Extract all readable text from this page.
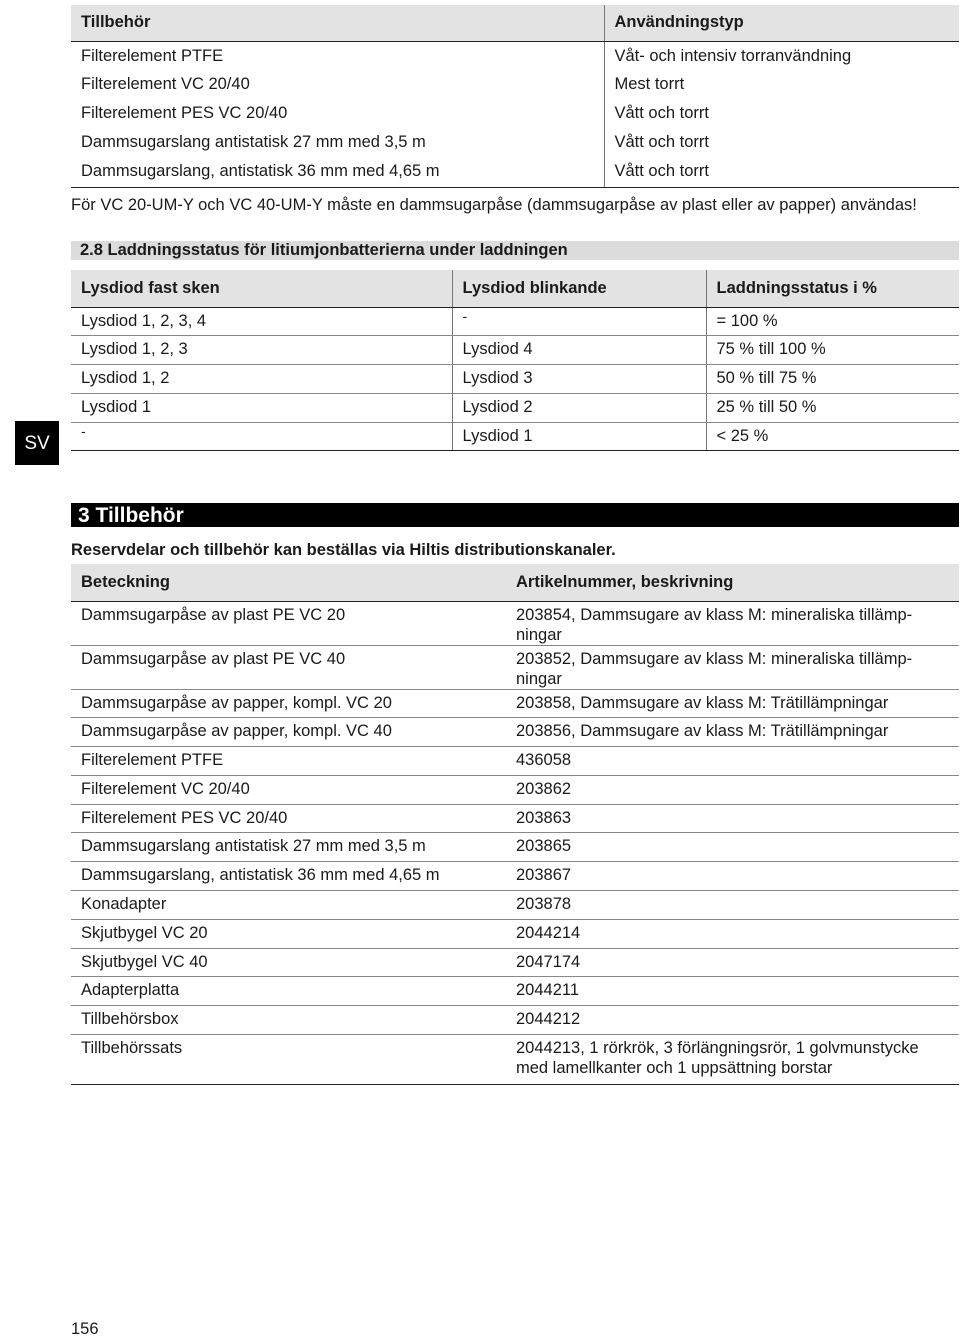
Tillbehör	Användningstyp
Filterelement PTFE	Våt- och intensiv torranvändning
Filterelement VC 20/40	Mest torrt
Filterelement PES VC 20/40	Vått och torrt
Dammsugarslang antistatisk 27 mm med 3,5 m	Vått och torrt
Dammsugarslang, antistatisk 36 mm med 4,65 m	Vått och torrt
För VC 20-UM-Y och VC 40-UM-Y måste en dammsugarpåse (dammsugarpåse av plast eller av papper) användas!
2.8 Laddningsstatus för litiumjonbatterierna under laddningen
Lysdiod fast sken	Lysdiod blinkande	Laddningsstatus i %
Lysdiod 1, 2, 3, 4	-	= 100 %
Lysdiod 1, 2, 3	Lysdiod 4	75 % till 100 %
Lysdiod 1, 2	Lysdiod 3	50 % till 75 %
Lysdiod 1	Lysdiod 2	25 % till 50 %
-	Lysdiod 1	< 25 %
SV
3 Tillbehör
Reservdelar och tillbehör kan beställas via Hiltis distributionskanaler.
Beteckning	Artikelnummer, beskrivning
Dammsugarpåse av plast PE VC 20	203854, Dammsugare av klass M: mineraliska tillämp-
ningar
Dammsugarpåse av plast PE VC 40	203852, Dammsugare av klass M: mineraliska tillämp-
ningar
Dammsugarpåse av papper, kompl. VC 20	203858, Dammsugare av klass M: Trätillämpningar
Dammsugarpåse av papper, kompl. VC 40	203856, Dammsugare av klass M: Trätillämpningar
Filterelement PTFE	436058
Filterelement VC 20/40	203862
Filterelement PES VC 20/40	203863
Dammsugarslang antistatisk 27 mm med 3,5 m	203865
Dammsugarslang, antistatisk 36 mm med 4,65 m	203867
Konadapter	203878
Skjutbygel VC 20	2044214
Skjutbygel VC 40	2047174
Adapterplatta	2044211
Tillbehörsbox	2044212
Tillbehörssats	2044213, 1 rörkrök, 3 förlängningsrör, 1 golvmunstycke
med lamellkanter och 1 uppsättning borstar
156
